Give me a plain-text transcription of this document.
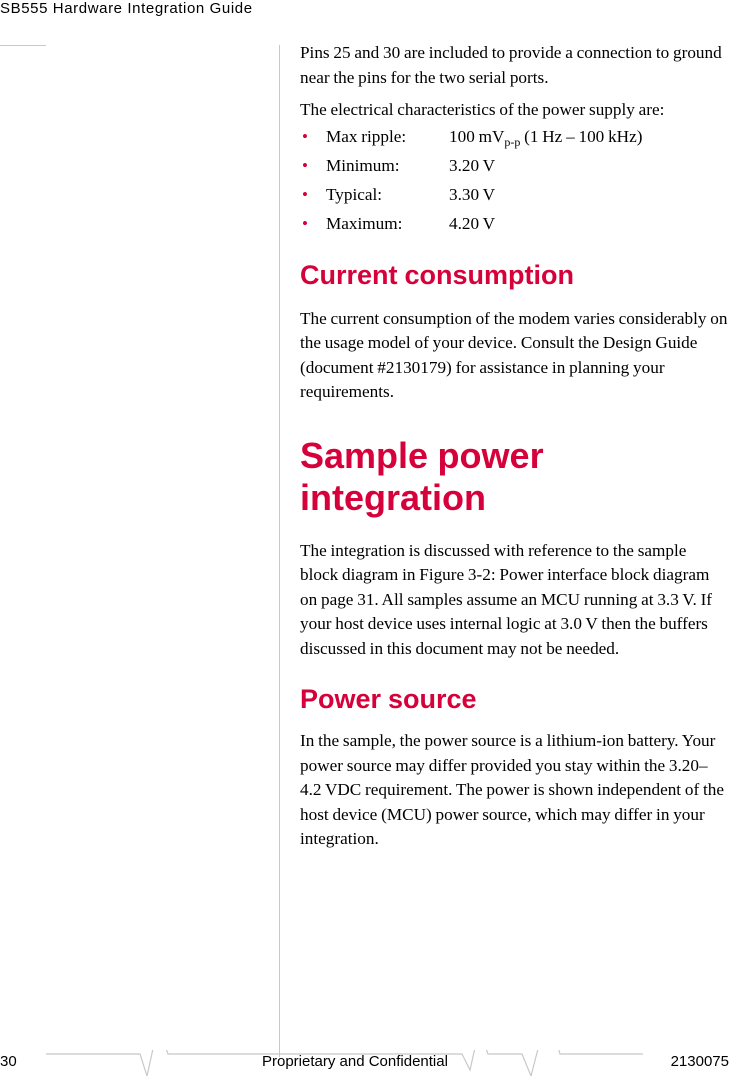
SB555 Hardware Integration Guide

Pins 25 and 30 are included to provide a connection to ground near the pins for the two serial ports.

The electrical characteristics of the power supply are:

• Max ripple: 100 $mV_{p-p}$ (1 Hz – 100 kHz)
• Minimum:	3.20 V
• Typical:	3.30 V
• Maximum:	4.20 V
Current consumption

The current consumption of the modem varies considerably on the usage model of your device. Consult the Design Guide (document #2130179) for assistance in planning your requirements.

Sample power integration

The integration is discussed with reference to the sample block diagram in Figure 3-2: Power interface block diagram on page 31. All samples assume an MCU running at 3.3 V. If your host device uses internal logic at 3.0 V then the buffers discussed in this document may not be needed.

Power source

In the sample, the power source is a lithium-ion battery. Your power source may differ provided you stay within the 3.20–4.2 VDC requirement. The power is shown independent of the host device (MCU) power source, which may differ in your integration.

30	Proprietary and Confidential	2130075
